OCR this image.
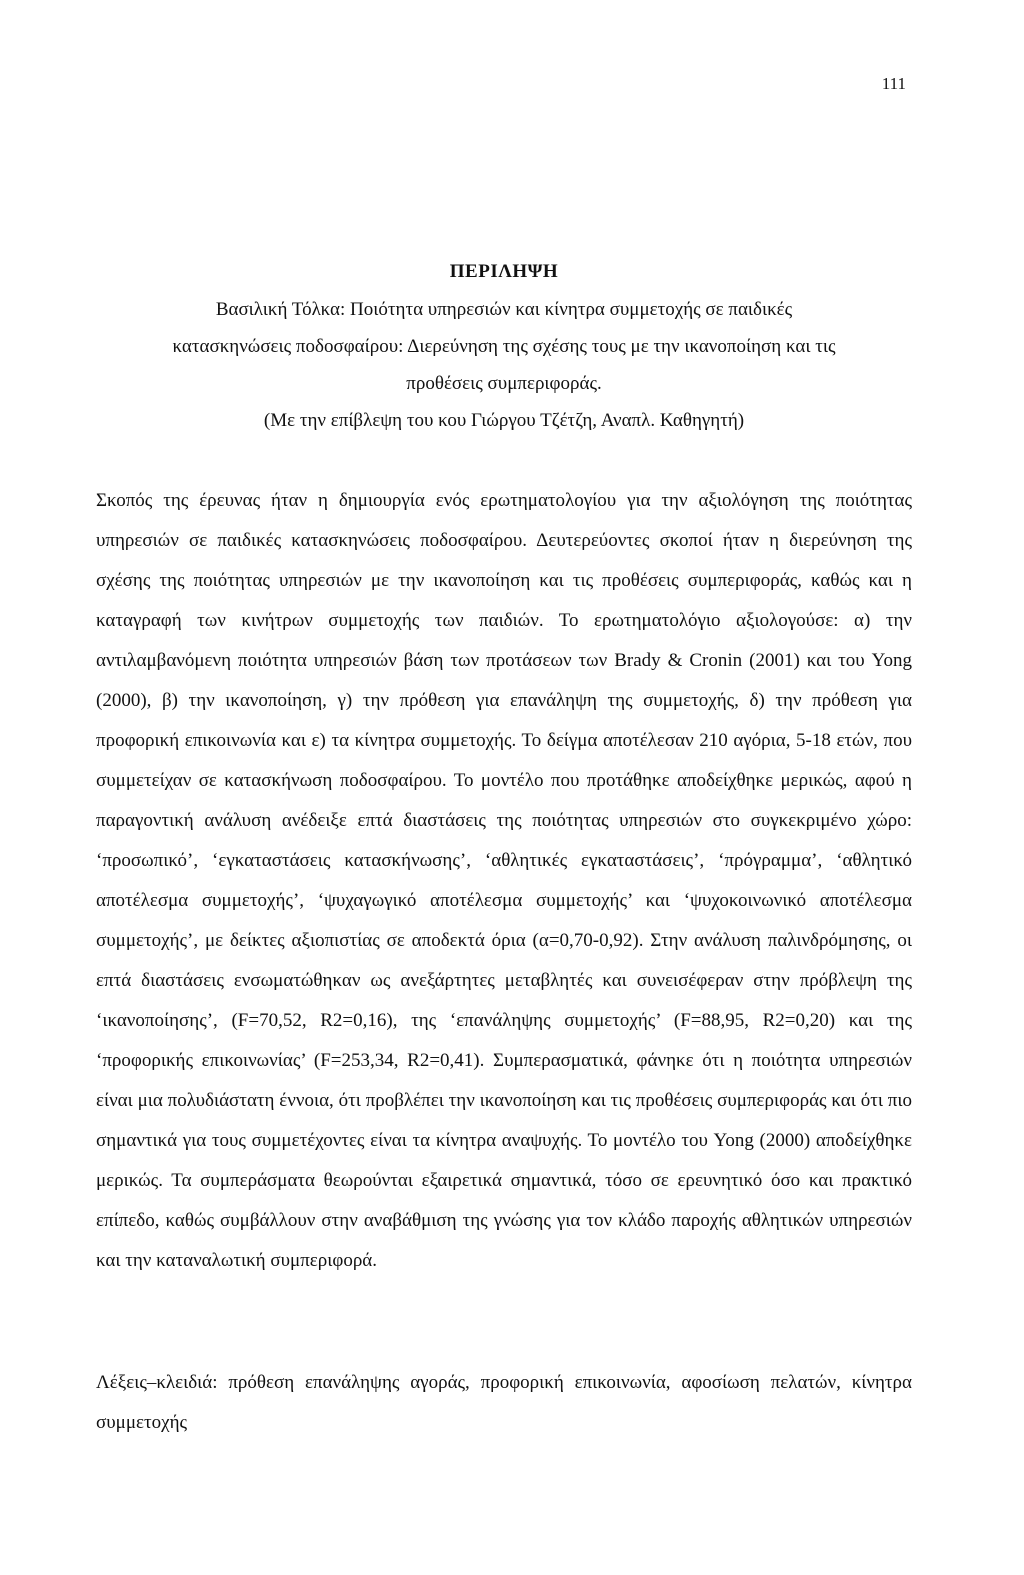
111
ΠΕΡΙΛΗΨΗ
Βασιλική Τόλκα: Ποιότητα υπηρεσιών και κίνητρα συμμετοχής σε παιδικές
κατασκηνώσεις ποδοσφαίρου: Διερεύνηση της σχέσης τους με την ικανοποίηση και τις
προθέσεις συμπεριφοράς.
(Με την επίβλεψη του κου Γιώργου Τζέτζη, Αναπλ. Καθηγητή)

Σκοπός της έρευνας ήταν η δημιουργία ενός ερωτηματολογίου για την αξιολόγηση της ποιότητας υπηρεσιών σε παιδικές κατασκηνώσεις ποδοσφαίρου. Δευτερεύοντες σκοποί ήταν η διερεύνηση της σχέσης της ποιότητας υπηρεσιών με την ικανοποίηση και τις προθέσεις συμπεριφοράς, καθώς και η καταγραφή των κινήτρων συμμετοχής των παιδιών. Το ερωτηματολόγιο αξιολογούσε: α) την αντιλαμβανόμενη ποιότητα υπηρεσιών βάση των προτάσεων των Brady & Cronin (2001) και του Yong (2000), β) την ικανοποίηση, γ) την πρόθεση για επανάληψη της συμμετοχής, δ) την πρόθεση για προφορική επικοινωνία και ε) τα κίνητρα συμμετοχής. Το δείγμα αποτέλεσαν 210 αγόρια, 5-18 ετών, που συμμετείχαν σε κατασκήνωση ποδοσφαίρου. Το μοντέλο που προτάθηκε αποδείχθηκε μερικώς, αφού η παραγοντική ανάλυση ανέδειξε επτά διαστάσεις της ποιότητας υπηρεσιών στο συγκεκριμένο χώρο: ‘προσωπικό’, ‘εγκαταστάσεις κατασκήνωσης’, ‘αθλητικές εγκαταστάσεις’, ‘πρόγραμμα’, ‘αθλητικό αποτέλεσμα συμμετοχής’, ‘ψυχαγωγικό αποτέλεσμα συμμετοχής’ και ‘ψυχοκοινωνικό αποτέλεσμα συμμετοχής’, με δείκτες αξιοπιστίας σε αποδεκτά όρια (α=0,70-0,92). Στην ανάλυση παλινδρόμησης, οι επτά διαστάσεις ενσωματώθηκαν ως ανεξάρτητες μεταβλητές και συνεισέφεραν στην πρόβλεψη της ‘ικανοποίησης’, (F=70,52, R2=0,16), της ‘επανάληψης συμμετοχής’ (F=88,95, R2=0,20) και της ‘προφορικής επικοινωνίας’ (F=253,34, R2=0,41). Συμπερασματικά, φάνηκε ότι η ποιότητα υπηρεσιών είναι μια πολυδιάστατη έννοια, ότι προβλέπει την ικανοποίηση και τις προθέσεις συμπεριφοράς και ότι πιο σημαντικά για τους συμμετέχοντες είναι τα κίνητρα αναψυχής. Το μοντέλο του Yong (2000) αποδείχθηκε μερικώς. Τα συμπεράσματα θεωρούνται εξαιρετικά σημαντικά, τόσο σε ερευνητικό όσο και πρακτικό επίπεδο, καθώς συμβάλλουν στην αναβάθμιση της γνώσης για τον κλάδο παροχής αθλητικών υπηρεσιών και την καταναλωτική συμπεριφορά.

Λέξεις–κλειδιά: πρόθεση επανάληψης αγοράς, προφορική επικοινωνία, αφοσίωση πελατών, κίνητρα συμμετοχής
